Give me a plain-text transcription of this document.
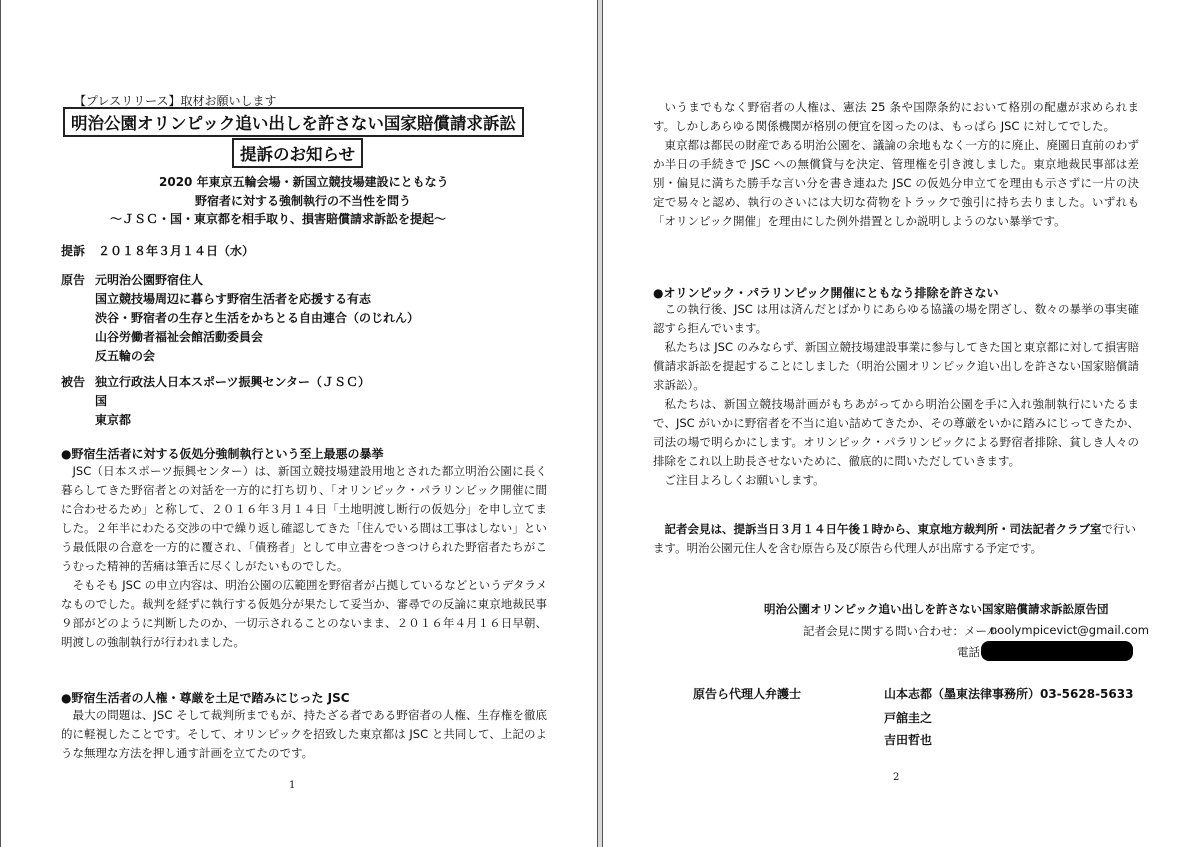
【プレスリリース】取材お願いします
明治公園オリンピック追い出しを許さない国家賠償請求訴訟
提訴のお知らせ
2020 年東京五輪会場・新国立競技場建設にともなう
野宿者に対する強制執行の不当性を問う
～ＪＳＣ・国・東京都を相手取り、損害賠償請求訴訟を提起～
提訴 ２０１８年３月１４日（水）
原告 元明治公園野宿住人
国立競技場周辺に暮らす野宿生活者を応援する有志
渋谷・野宿者の生存と生活をかちとる自由連合（のじれん）
山谷労働者福祉会館活動委員会
反五輪の会
被告 独立行政法人日本スポーツ振興センター（ＪＳＣ）
国
東京都
●野宿生活者に対する仮処分強制執行という至上最悪の暴挙

JSC（日本スポーツ振興センター）は、新国立競技場建設用地とされた都立明治公園に長く暮らしてきた野宿者との対話を一方的に打ち切り、「オリンピック・パラリンピック開催に間に合わせるため」と称して、２０１６年３月１４日「土地明渡し断行の仮処分」を申し立てました。２年半にわたる交渉の中で繰り返し確認してきた「住んでいる間は工事はしない」という最低限の合意を一方的に覆され、「債務者」として申立書をつきつけられた野宿者たちがこうむった精神的苦痛は筆舌に尽くしがたいものでした。

そもそも JSC の申立内容は、明治公園の広範囲を野宿者が占拠しているなどというデタラメなものでした。裁判を経ずに執行する仮処分が果たして妥当か、審尋での反論に東京地裁民事９部がどのように判断したのか、一切示されることのないまま、２０１６年４月１６日早朝、明渡しの強制執行が行われました。

●野宿生活者の人権・尊厳を土足で踏みにじった JSC

最大の問題は、JSC そして裁判所までもが、持たざる者である野宿者の人権、生存権を徹底的に軽視したことです。そして、オリンピックを招致した東京都は JSC と共同して、上記のような無理な方法を押し通す計画を立てたのです。

1

いうまでもなく野宿者の人権は、憲法 25 条や国際条約において格別の配慮が求められます。しかしあらゆる関係機関が格別の便宜を図ったのは、もっぱら JSC に対してでした。

東京都は都民の財産である明治公園を、議論の余地もなく一方的に廃止、廃園日直前のわずか半日の手続きで JSC への無償貸与を決定、管理権を引き渡しました。東京地裁民事部は差別・偏見に満ちた勝手な言い分を書き連ねた JSC の仮処分申立てを理由も示さずに一片の決定で易々と認め、執行のさいには大切な荷物をトラックで強引に持ち去りました。いずれも「オリンピック開催」を理由にした例外措置としか説明しようのない暴挙です。

●オリンピック・パラリンピック開催にともなう排除を許さない

この執行後、JSC は用は済んだとばかりにあらゆる協議の場を閉ざし、数々の暴挙の事実確認すら拒んでいます。

私たちは JSC のみならず、新国立競技場建設事業に参与してきた国と東京都に対して損害賠償請求訴訟を提起することにしました（明治公園オリンピック追い出しを許さない国家賠償請求訴訟）。

私たちは、新国立競技場計画がもちあがってから明治公園を手に入れ強制執行にいたるまで、JSC がいかに野宿者を不当に追い詰めてきたか、その尊厳をいかに踏みにじってきたか、司法の場で明らかにします。オリンピック・パラリンピックによる野宿者排除、貧しき人々の排除をこれ以上助長させないために、徹底的に問いただしていきます。

ご注目よろしくお願いします。

記者会見は、提訴当日３月１４日午後１時から、東京地方裁判所・司法記者クラブ室で行います。明治公園元住人を含む原告ら及び原告ら代理人が出席する予定です。
明治公園オリンピック追い出しを許さない国家賠償請求訴訟原告団
記者会見に関する問い合わせ：メール
noolympicevict@gmail.com
電話
原告ら代理人弁護士	山本志都（墨東法律事務所）03-5628-5633
戸舘圭之
吉田哲也
2
